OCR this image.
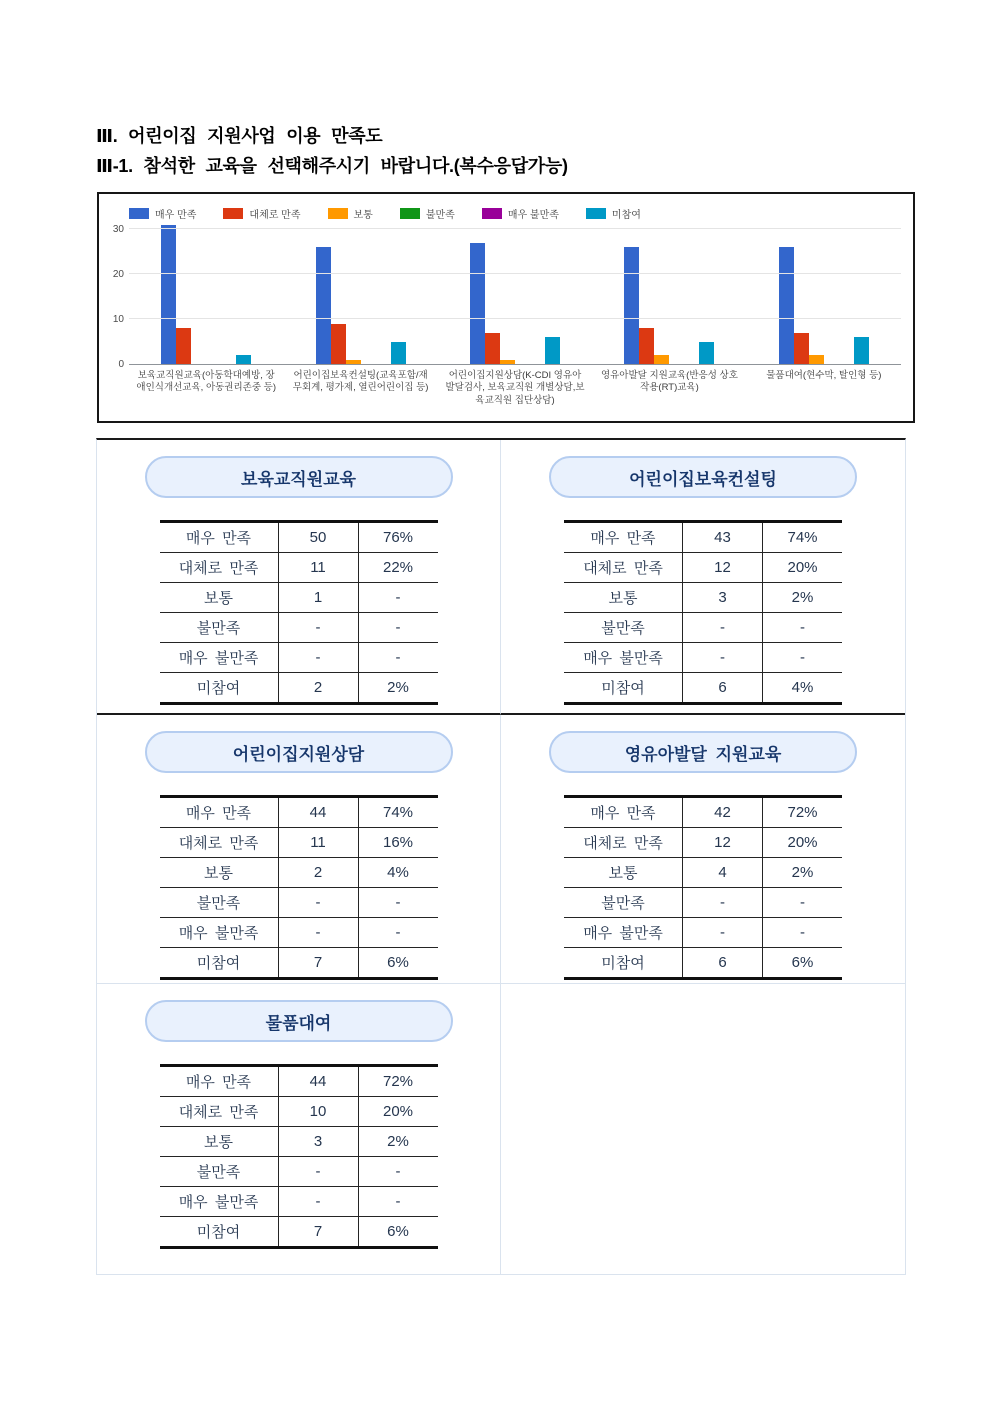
Ⅲ. 어린이집 지원사업 이용 만족도
Ⅲ-1. 참석한 교육을 선택해주시기 바랍니다.(복수응답가능)
매우 만족	대체로 만족	보통	불만족	매우 불만족	미참여
0
10
20
30
보육교직원교육(아동학대예방, 장애인식개선교육, 아동권리존중 등)
어린이집보육컨설팅(교육포함/재무회계, 평가제, 열린어린이집 등)
어린이집지원상담(K-CDI 영유아발달검사, 보육교직원 개별상담,보육교직원 집단상담)
영유아발달 지원교육(반응성 상호작용(RT)교육)
물품대여(현수막, 탈인형 등)
보육교직원교육
매우 만족	50	76%
대체로 만족	11	22%
보통	1	-
불만족	-	-
매우 불만족	-	-
미참여	2	2%
어린이집보육컨설팅
매우 만족	43	74%
대체로 만족	12	20%
보통	3	2%
불만족	-	-
매우 불만족	-	-
미참여	6	4%
어린이집지원상담
매우 만족	44	74%
대체로 만족	11	16%
보통	2	4%
불만족	-	-
매우 불만족	-	-
미참여	7	6%
영유아발달 지원교육
매우 만족	42	72%
대체로 만족	12	20%
보통	4	2%
불만족	-	-
매우 불만족	-	-
미참여	6	6%
물품대여
매우 만족	44	72%
대체로 만족	10	20%
보통	3	2%
불만족	-	-
매우 불만족	-	-
미참여	7	6%
